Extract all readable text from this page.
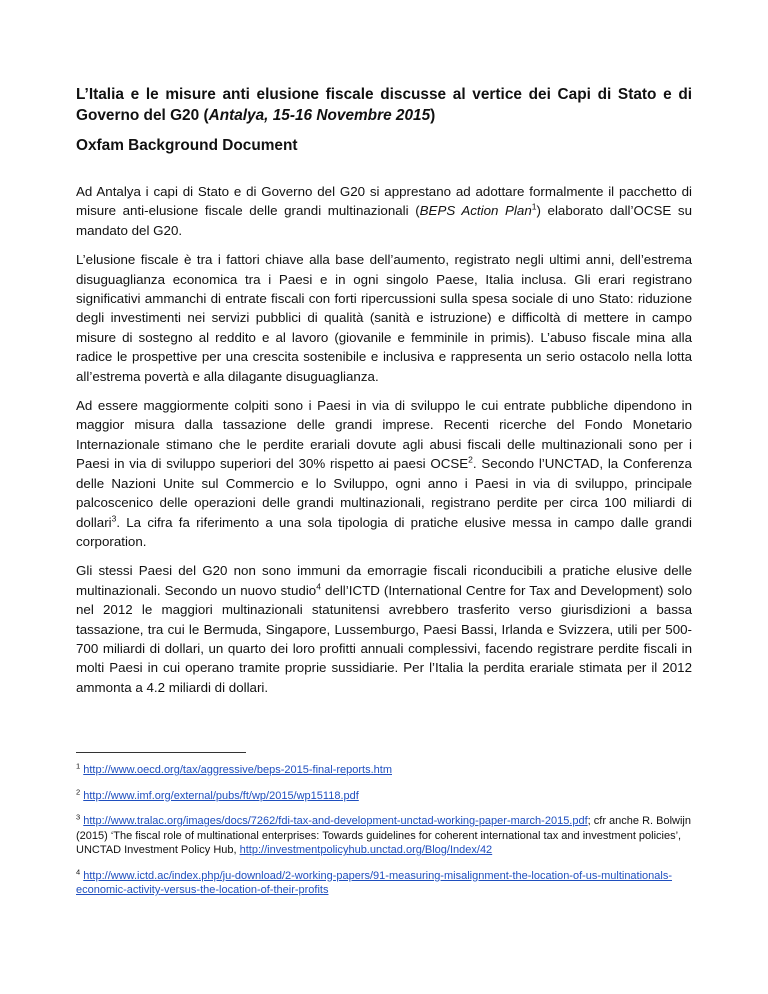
L’Italia e le misure anti elusione fiscale discusse al vertice dei Capi di Stato e di Governo del G20 (Antalya, 15-16 Novembre 2015)

Oxfam Background Document

Ad Antalya i capi di Stato e di Governo del G20 si apprestano ad adottare formalmente il pacchetto di misure anti-elusione fiscale delle grandi multinazionali (BEPS Action Plan$^1$) elaborato dall’OCSE su mandato del G20.

L’elusione fiscale è tra i fattori chiave alla base dell’aumento, registrato negli ultimi anni, dell’estrema disuguaglianza economica tra i Paesi e in ogni singolo Paese, Italia inclusa. Gli erari registrano significativi ammanchi di entrate fiscali con forti ripercussioni sulla spesa sociale di uno Stato: riduzione degli investimenti nei servizi pubblici di qualità (sanità e istruzione) e difficoltà di mettere in campo misure di sostegno al reddito e al lavoro (giovanile e femminile in primis). L’abuso fiscale mina alla radice le prospettive per una crescita sostenibile e inclusiva e rappresenta un serio ostacolo nella lotta all’estrema povertà e alla dilagante disuguaglianza.

Ad essere maggiormente colpiti sono i Paesi in via di sviluppo le cui entrate pubbliche dipendono in maggior misura dalla tassazione delle grandi imprese. Recenti ricerche del Fondo Monetario Internazionale stimano che le perdite erariali dovute agli abusi fiscali delle multinazionali sono per i Paesi in via di sviluppo superiori del 30% rispetto ai paesi OCSE$^2$. Secondo l’UNCTAD, la Conferenza delle Nazioni Unite sul Commercio e lo Sviluppo, ogni anno i Paesi in via di sviluppo, principale palcoscenico delle operazioni delle grandi multinazionali, registrano perdite per circa 100 miliardi di dollari$^3$. La cifra fa riferimento a una sola tipologia di pratiche elusive messa in campo dalle grandi corporation.

Gli stessi Paesi del G20 non sono immuni da emorragie fiscali riconducibili a pratiche elusive delle multinazionali. Secondo un nuovo studio$^4$ dell’ICTD (International Centre for Tax and Development) solo nel 2012 le maggiori multinazionali statunitensi avrebbero trasferito verso giurisdizioni a bassa tassazione, tra cui le Bermuda, Singapore, Lussemburgo, Paesi Bassi, Irlanda e Svizzera, utili per 500-700 miliardi di dollari, un quarto dei loro profitti annuali complessivi, facendo registrare perdite fiscali in molti Paesi in cui operano tramite proprie sussidiarie. Per l’Italia la perdita erariale stimata per il 2012 ammonta a 4.2 miliardi di dollari.

$^1$ http://www.oecd.org/tax/aggressive/beps-2015-final-reports.htm

$^2$ http://www.imf.org/external/pubs/ft/wp/2015/wp15118.pdf

$^3$ http://www.tralac.org/images/docs/7262/fdi-tax-and-development-unctad-working-paper-march-2015.pdf; cfr anche R. Bolwijn (2015) ‘The fiscal role of multinational enterprises: Towards guidelines for coherent international tax and investment policies’, UNCTAD Investment Policy Hub, http://investmentpolicyhub.unctad.org/Blog/Index/42

$^4$ http://www.ictd.ac/index.php/ju-download/2-working-papers/91-measuring-misalignment-the-location-of-us-multinationals-economic-activity-versus-the-location-of-their-profits
